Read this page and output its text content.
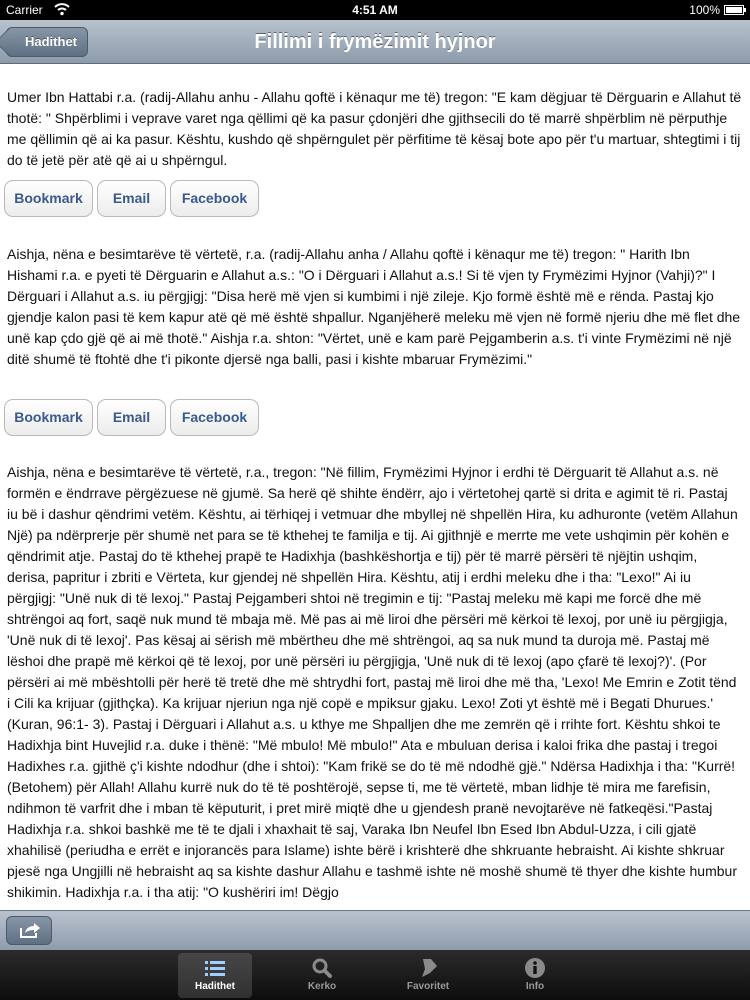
Carrier	4:51 AM	100%
Hadithet	Fillimi i frymëzimit hyjnor

Umer Ibn Hattabi r.a. (radij-Allahu anhu - Allahu qoftë i kënaqur me të) tregon: "E kam dëgjuar të Dërguarin e Allahut të thotë: " Shpërblimi i veprave varet nga qëllimi që ka pasur çdonjëri dhe gjithsecili do të marrë shpërblim në përputhje me qëllimin që ai ka pasur. Kështu, kushdo që shpërngulet për përfitime të kësaj bote apo për t'u martuar, shtegtimi i tij do të jetë për atë që ai u shpërngul.

Bookmark	Email	Facebook

Aishja, nëna e besimtarëve të vërtetë, r.a. (radij-Allahu anha / Allahu qoftë i kënaqur me të) tregon: " Harith Ibn Hishami r.a. e pyeti të Dërguarin e Allahut a.s.: "O i Dërguari i Allahut a.s.! Si të vjen ty Frymëzimi Hyjnor (Vahji)?" I Dërguari i Allahut a.s. iu përgjigj: "Disa herë më vjen si kumbimi i një zileje. Kjo formë është më e rënda. Pastaj kjo gjendje kalon pasi të kem kapur atë që më është shpallur. Nganjëherë meleku më vjen në formë njeriu dhe më flet dhe unë kap çdo gjë që ai më thotë." Aishja r.a. shton: "Vërtet, unë e kam parë Pejgamberin a.s. t'i vinte Frymëzimi në një ditë shumë të ftohtë dhe t'i pikonte djersë nga balli, pasi i kishte mbaruar Frymëzimi."

Bookmark	Email	Facebook

Aishja, nëna e besimtarëve të vërtetë, r.a., tregon: "Në fillim, Frymëzimi Hyjnor i erdhi të Dërguarit të Allahut a.s. në formën e ëndrrave përgëzuese në gjumë. Sa herë që shihte ëndërr, ajo i vërtetohej qartë si drita e agimit të ri. Pastaj iu bë i dashur qëndrimi vetëm. Kështu, ai tërhiqej i vetmuar dhe mbyllej në shpellën Hira, ku adhuronte (vetëm Allahun Një) pa ndërprerje për shumë net para se të kthehej te familja e tij. Ai gjithnjë e merrte me vete ushqimin për kohën e qëndrimit atje. Pastaj do të kthehej prapë te Hadixhja (bashkëshortja e tij) për të marrë përsëri të njëjtin ushqim, derisa, papritur i zbriti e Vërteta, kur gjendej në shpellën Hira. Kështu, atij i erdhi meleku dhe i tha: "Lexo!" Ai iu përgjigj: "Unë nuk di të lexoj." Pastaj Pejgamberi shtoi në tregimin e tij: "Pastaj meleku më kapi me forcë dhe më shtrëngoi aq fort, saqë nuk mund të mbaja më. Më pas ai më liroi dhe përsëri më kërkoi të lexoj, por unë iu përgjigja, 'Unë nuk di të lexoj'. Pas kësaj ai sërish më mbërtheu dhe më shtrëngoi, aq sa nuk mund ta duroja më. Pastaj më lëshoi dhe prapë më kërkoi që të lexoj, por unë përsëri iu përgjigja, 'Unë nuk di të lexoj (apo çfarë të lexoj?)'. (Por përsëri ai më mbështolli për herë të tretë dhe më shtrydhi fort, pastaj më liroi dhe më tha, 'Lexo! Me Emrin e Zotit tënd i Cili ka krijuar (gjithçka). Ka krijuar njeriun nga një copë e mpiksur gjaku. Lexo! Zoti yt është më i Begati Dhurues.' (Kuran, 96:1- 3). Pastaj i Dërguari i Allahut a.s. u kthye me Shpalljen dhe me zemrën që i rrihte fort. Kështu shkoi te Hadixhja bint Huvejlid r.a. duke i thënë: "Më mbulo! Më mbulo!" Ata e mbuluan derisa i kaloi frika dhe pastaj i tregoi Hadixhes r.a. gjithë ç'i kishte ndodhur (dhe i shtoi): "Kam frikë se do të më ndodhë gjë." Ndërsa Hadixhja i tha: "Kurrë! (Betohem) për Allah! Allahu kurrë nuk do të të poshtërojë, sepse ti, me të vërtetë, mban lidhje të mira me farefisin, ndihmon të varfrit dhe i mban të këputurit, i pret mirë miqtë dhe u gjendesh pranë nevojtarëve në fatkeqësi."Pastaj Hadixhja r.a. shkoi bashkë me të te djali i xhaxhait të saj, Varaka Ibn Neufel Ibn Esed Ibn Abdul-Uzza, i cili gjatë xhahilisë (periudha e errët e injorancës para Islame) ishte bërë i krishterë dhe shkruante hebraisht. Ai kishte shkruar pjesë nga Ungjilli në hebraisht aq sa kishte dashur Allahu e tashmë ishte në moshë shumë të thyer dhe kishte humbur shikimin. Hadixhja r.a. i tha atij: "O kushëriri im! Dëgjo

Hadithet	Kerko	Favoritet	Info
